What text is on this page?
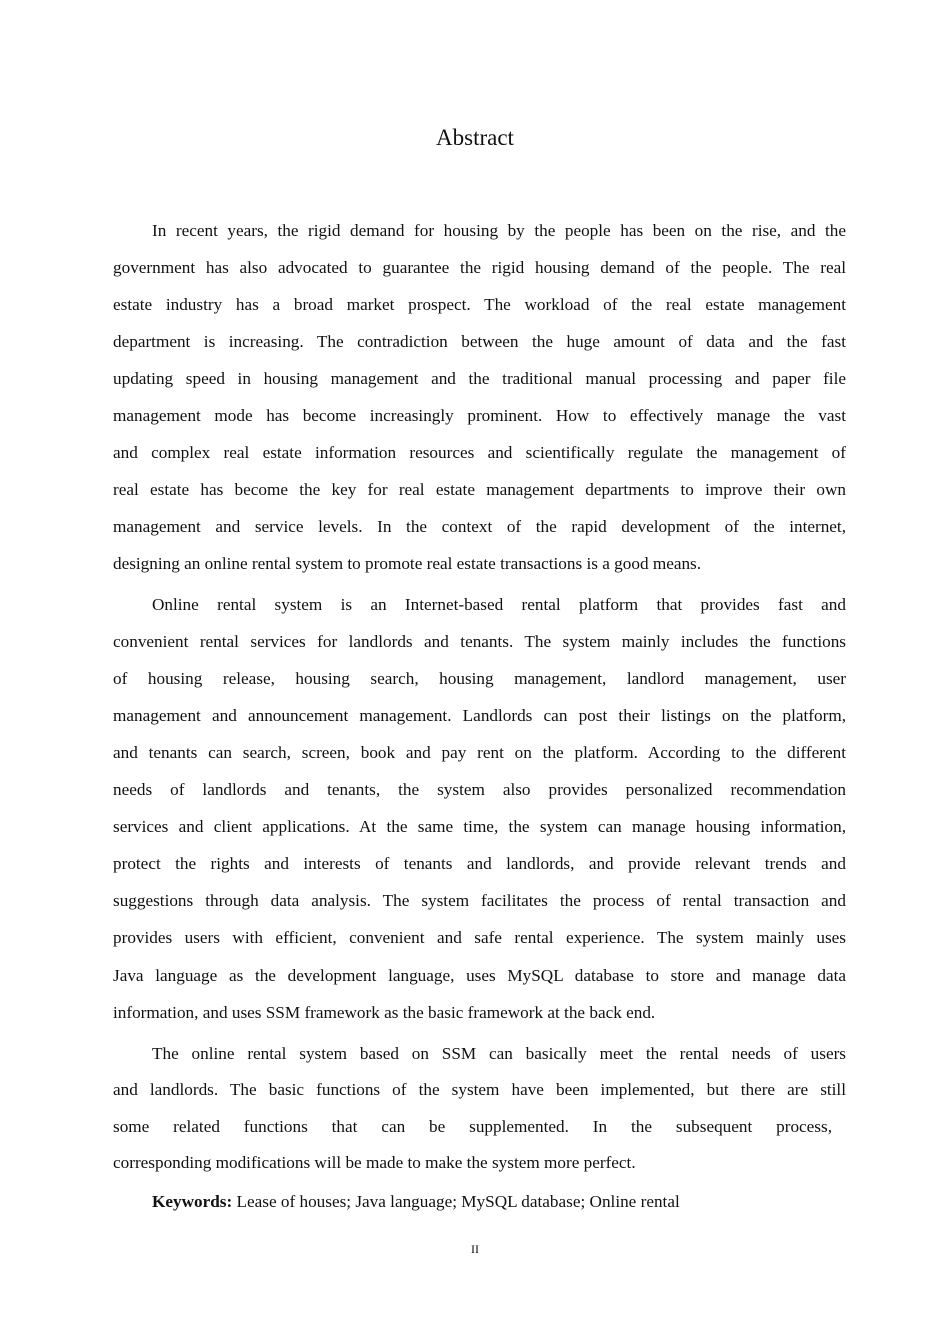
Abstract
In recent years, the rigid demand for housing by the people has been on the rise, and the
government has also advocated to guarantee the rigid housing demand of the people. The real
estate industry has a broad market prospect. The workload of the real estate management
department is increasing. The contradiction between the huge amount of data and the fast
updating speed in housing management and the traditional manual processing and paper file
management mode has become increasingly prominent. How to effectively manage the vast
and complex real estate information resources and scientifically regulate the management of
real estate has become the key for real estate management departments to improve their own
management and service levels. In the context of the rapid development of the internet,
designing an online rental system to promote real estate transactions is a good means.
Online rental system is an Internet-based rental platform that provides fast and
convenient rental services for landlords and tenants. The system mainly includes the functions
of housing release, housing search, housing management, landlord management, user
management and announcement management. Landlords can post their listings on the platform,
and tenants can search, screen, book and pay rent on the platform. According to the different
needs of landlords and tenants, the system also provides personalized recommendation
services and client applications. At the same time, the system can manage housing information,
protect the rights and interests of tenants and landlords, and provide relevant trends and
suggestions through data analysis. The system facilitates the process of rental transaction and
provides users with efficient, convenient and safe rental experience. The system mainly uses
Java language as the development language, uses MySQL database to store and manage data
information, and uses SSM framework as the basic framework at the back end.
The online rental system based on SSM can basically meet the rental needs of users
and landlords. The basic functions of the system have been implemented, but there are still
some related functions that can be supplemented. In the subsequent process,
corresponding modifications will be made to make the system more perfect.
Keywords: Lease of houses; Java language; MySQL database; Online rental
II
